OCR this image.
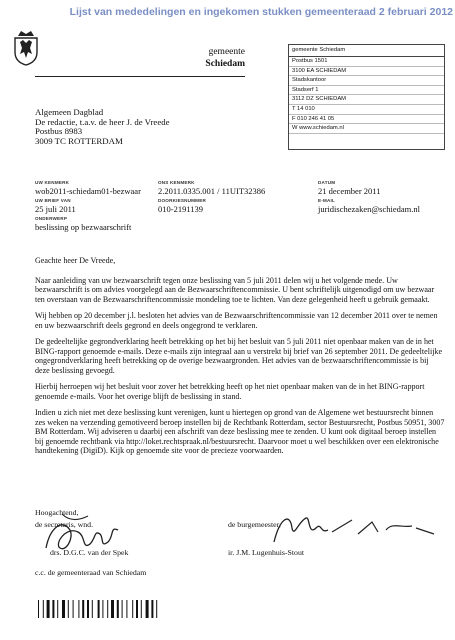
Lijst van mededelingen en ingekomen stukken gemeenteraad 2 februari 2012
gemeente
Schiedam
gemeente Schiedam
Postbus 1501
3100 EA SCHIEDAM
Stadskantoor
Stadserf 1
3112 DZ SCHIEDAM
T 14 010
F 010 246 41 05
W www.schiedam.nl
Algemeen Dagblad
De redactie, t.a.v. de heer J. de Vreede
Postbus 8983
3009 TC ROTTERDAM
UW KENMERK
wob2011-schiedam01-bezwaar
ONS KENMERK
2.2011.0335.001 / 11UIT32386
DATUM
21 december 2011
UW BRIEF VAN
25 juli 2011
DOORKIESNUMMER
010-2191139
E-MAIL
juridischezaken@schiedam.nl
ONDERWERP
beslissing op bezwaarschrift

Geachte heer De Vreede,

Naar aanleiding van uw bezwaarschrift tegen onze beslissing van 5 juli 2011 delen wij u het volgende mede. Uw bezwaarschrift is om advies voorgelegd aan de Bezwaarschriftencommissie. U bent schriftelijk uitgenodigd om uw bezwaar ten overstaan van de Bezwaarschriftencommissie mondeling toe te lichten. Van deze gelegenheid heeft u gebruik gemaakt.

Wij hebben op 20 december j.l. besloten het advies van de Bezwaarschriftencommissie van 12 december 2011 over te nemen en uw bezwaarschrift deels gegrond en deels ongegrond te verklaren.

De gedeeltelijke gegrondverklaring heeft betrekking op het bij het besluit van 5 juli 2011 niet openbaar maken van de in het BING-rapport genoemde e-mails. Deze e-mails zijn integraal aan u verstrekt bij brief van 26 september 2011. De gedeeltelijke ongegrondverklaring heeft betrekking op de overige bezwaargronden. Het advies van de bezwaarschriftencommissie is bij deze beslissing gevoegd.

Hierbij herroepen wij het besluit voor zover het betrekking heeft op het niet openbaar maken van de in het BING-rapport genoemde e-mails. Voor het overige blijft de beslissing in stand.

Indien u zich niet met deze beslissing kunt verenigen, kunt u hiertegen op grond van de Algemene wet bestuursrecht binnen zes weken na verzending gemotiveerd beroep instellen bij de Rechtbank Rotterdam, sector Bestuursrecht, Postbus 50951, 3007 BM Rotterdam. Wij adviseren u daarbij een afschrift van deze beslissing mee te zenden. U kunt ook digitaal beroep instellen bij genoemde rechtbank via http://loket.rechtspraak.nl/bestuursrecht. Daarvoor moet u wel beschikken over een elektronische handtekening (DigiD). Kijk op genoemde site voor de precieze voorwaarden.

Hoogachtend,
de secretaris, wnd.	de burgemeester,
drs. D.G.C. van der Spek	ir. J.M. Lugenhuis-Stout
c.c. de gemeenteraad van Schiedam
